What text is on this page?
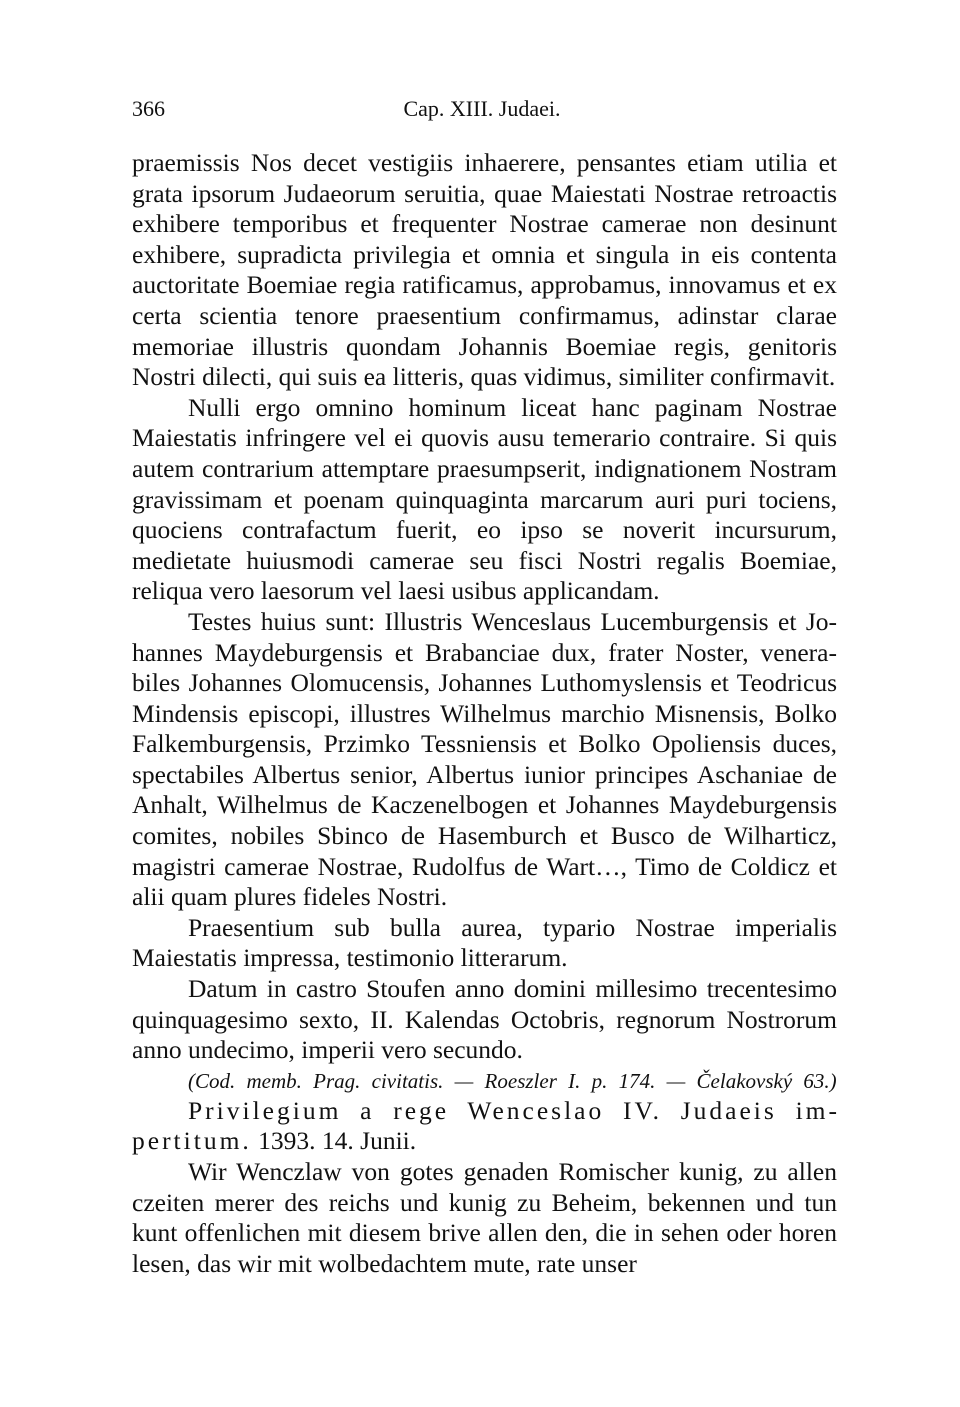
366	Cap. XIII. Judaei.

praemissis Nos decet vestigiis inhaerere, pensantes etiam utilia et grata ipsorum Judaeorum seruitia, quae Maiestati Nostrae retroactis exhibere temporibus et frequenter Nostrae camerae non desinunt exhibere, supradicta privilegia et omnia et singula in eis contenta auctoritate Boemiae regia ratificamus, approbamus, innovamus et ex certa scientia tenore praesentium confirmamus, adinstar clarae memoriae illustris quondam Johannis Boemiae regis, genitoris Nostri dilecti, qui suis ea litteris, quas vidimus, similiter confirmavit.

Nulli ergo omnino hominum liceat hanc paginam Nostrae Maiestatis infringere vel ei quovis ausu temerario contraire. Si quis autem contrarium attemptare praesumpserit, indignationem Nostram gravissimam et poenam quinquaginta marcarum auri puri tociens, quociens contrafactum fuerit, eo ipso se noverit incursurum, medietate huiusmodi camerae seu fisci Nostri regalis Boemiae, reliqua vero laesorum vel laesi usibus applicandam.

Testes huius sunt: Illustris Wenceslaus Lucemburgensis et Johannes Maydeburgensis et Brabanciae dux, frater Noster, venerabiles Johannes Olomucensis, Johannes Luthomyslensis et Teodricus Mindensis episcopi, illustres Wilhelmus marchio Misnensis, Bolko Falkemburgensis, Przimko Tessniensis et Bolko Opoliensis duces, spectabiles Albertus senior, Albertus iunior principes Aschaniae de Anhalt, Wilhelmus de Kaczenelbogen et Johannes Maydeburgensis comites, nobiles Sbinco de Hasemburch et Busco de Wilharticz, magistri camerae Nostrae, Rudolfus de Wart…, Timo de Coldicz et alii quam plures fideles Nostri.

Praesentium sub bulla aurea, typario Nostrae imperialis Maiestatis impressa, testimonio litterarum.

Datum in castro Stoufen anno domini millesimo trecentesimo quinquagesimo sexto, II. Kalendas Octobris, regnorum Nostrorum anno undecimo, imperii vero secundo.

(Cod. memb. Prag. civitatis. — Roeszler I. p. 174. — Čelakovský 63.)

Privilegium a rege Wenceslao IV. Judaeis impertitum. 1393. 14. Junii.

Wir Wenczlaw von gotes genaden Romischer kunig, zu allen czeiten merer des reichs und kunig zu Beheim, bekennen und tun kunt offenlichen mit diesem brive allen den, die in sehen oder horen lesen, das wir mit wolbedachtem mute, rate unser
